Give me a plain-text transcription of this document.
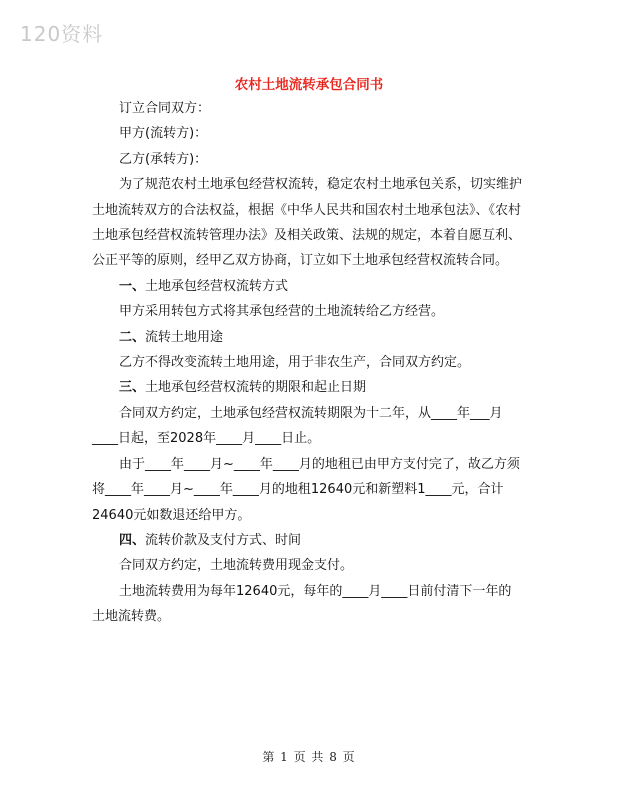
120资料
农村土地流转承包合同书

订立合同双方：

甲方(流转方)：

乙方(承转方)：

为了规范农村土地承包经营权流转，稳定农村土地承包关系，切实维护土地流转双方的合法权益，根据《中华人民共和国农村土地承包法》、《农村土地承包经营权流转管理办法》及相关政策、法规的规定，本着自愿互利、公正平等的原则，经甲乙双方协商，订立如下土地承包经营权流转合同。

一、土地承包经营权流转方式

甲方采用转包方式将其承包经营的土地流转给乙方经营。

二、流转土地用途

乙方不得改变流转土地用途，用于非农生产，合同双方约定。

三、土地承包经营权流转的期限和起止日期

合同双方约定，土地承包经营权流转期限为十二年，从____年___月____日起，至2028年____月____日止。

由于____年____月~____年____月的地租已由甲方支付完了，故乙方须将____年____月~____年____月的地租12640元和新塑料1____元，合计24640元如数退还给甲方。

四、流转价款及支付方式、时间

合同双方约定，土地流转费用现金支付。

土地流转费用为每年12640元，每年的____月____日前付清下一年的土地流转费。

第 1 页 共 8 页
